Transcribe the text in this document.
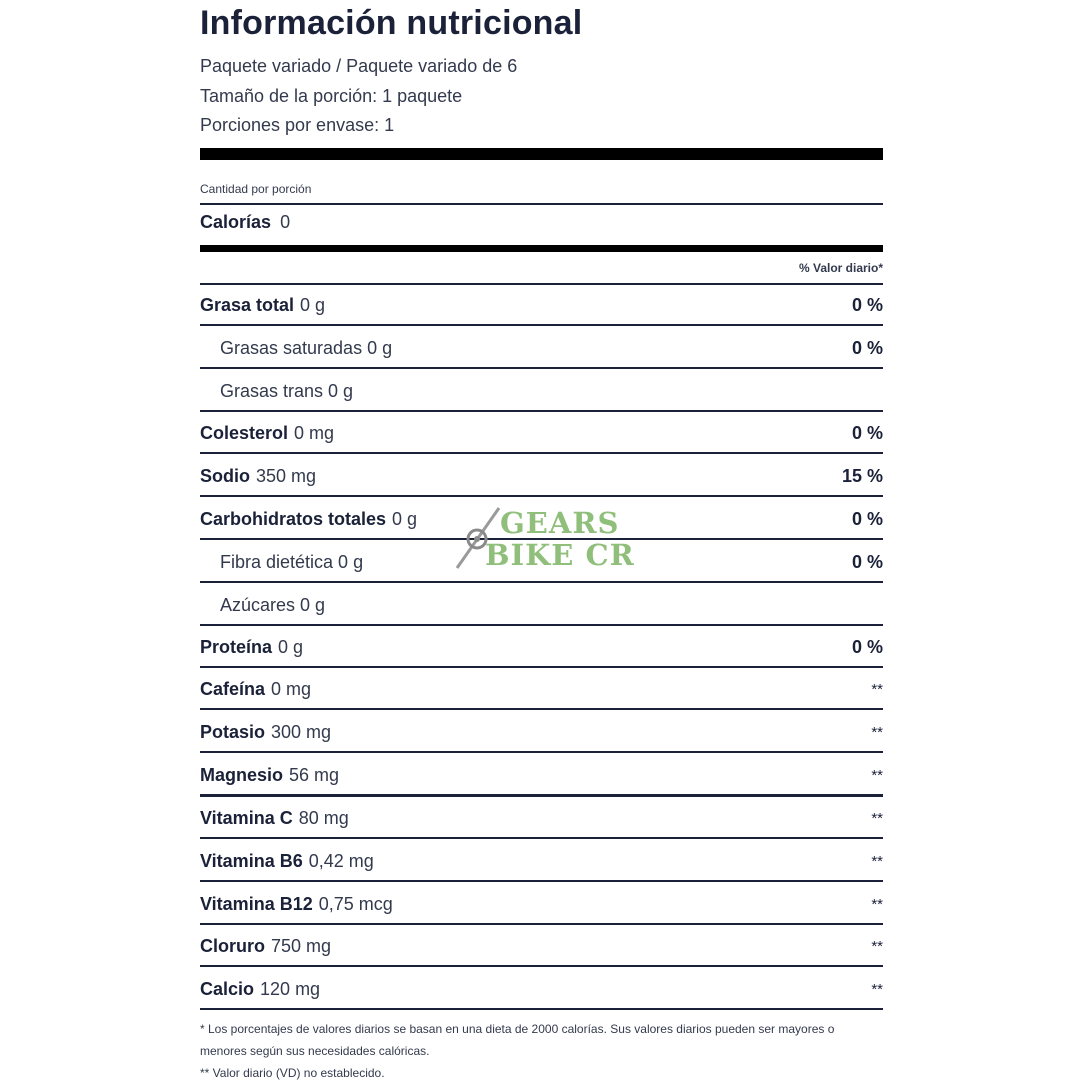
Información nutricional
Paquete variado / Paquete variado de 6
Tamaño de la porción: 1 paquete
Porciones por envase: 1
Cantidad por porción
Calorías 0
% Valor diario*
Grasa total 0 g	0 %
Grasas saturadas 0 g	0 %
Grasas trans 0 g
Colesterol 0 mg	0 %
Sodio 350 mg	15 %
Carbohidratos totales 0 g	0 %
Fibra dietética 0 g	0 %
Azúcares 0 g
Proteína 0 g	0 %
Cafeína 0 mg	**
Potasio 300 mg	**
Magnesio 56 mg	**
Vitamina C 80 mg	**
Vitamina B6 0,42 mg	**
Vitamina B12 0,75 mcg	**
Cloruro 750 mg	**
Calcio 120 mg	**
* Los porcentajes de valores diarios se basan en una dieta de 2000 calorías. Sus valores diarios pueden ser mayores o menores según sus necesidades calóricas.
** Valor diario (VD) no establecido.
GEARS
BIKE CR
